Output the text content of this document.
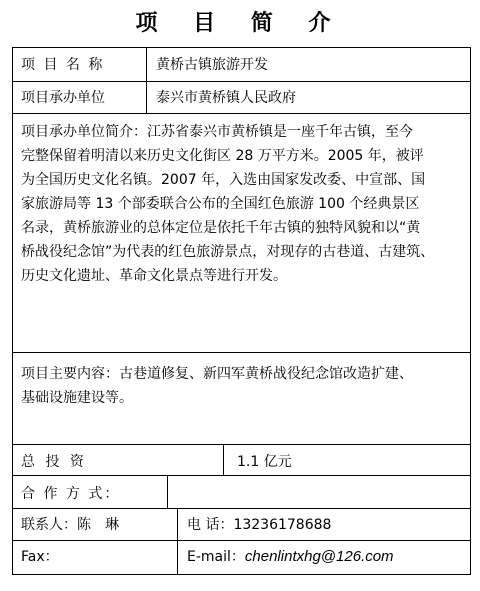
项 目 简 介
项 目 名 称	黄桥古镇旅游开发
项目承办单位	泰兴市黄桥镇人民政府
项目承办单位简介：江苏省泰兴市黄桥镇是一座千年古镇，至今
完整保留着明清以来历史文化街区 28 万平方米。2005 年，被评
为全国历史文化名镇。2007 年，入选由国家发改委、中宣部、国
家旅游局等 13 个部委联合公布的全国红色旅游 100 个经典景区
名录，黄桥旅游业的总体定位是依托千年古镇的独特风貌和以“黄
桥战役纪念馆”为代表的红色旅游景点，对现存的古巷道、古建筑、
历史文化遗址、革命文化景点等进行开发。
项目主要内容：古巷道修复、新四军黄桥战役纪念馆改造扩建、
基础设施建设等。
总 投 资	1.1 亿元
合 作 方 式：
联系人：陈　琳	电 话：13236178688
Fax：	E-mail：chenlintxhg@126.com
